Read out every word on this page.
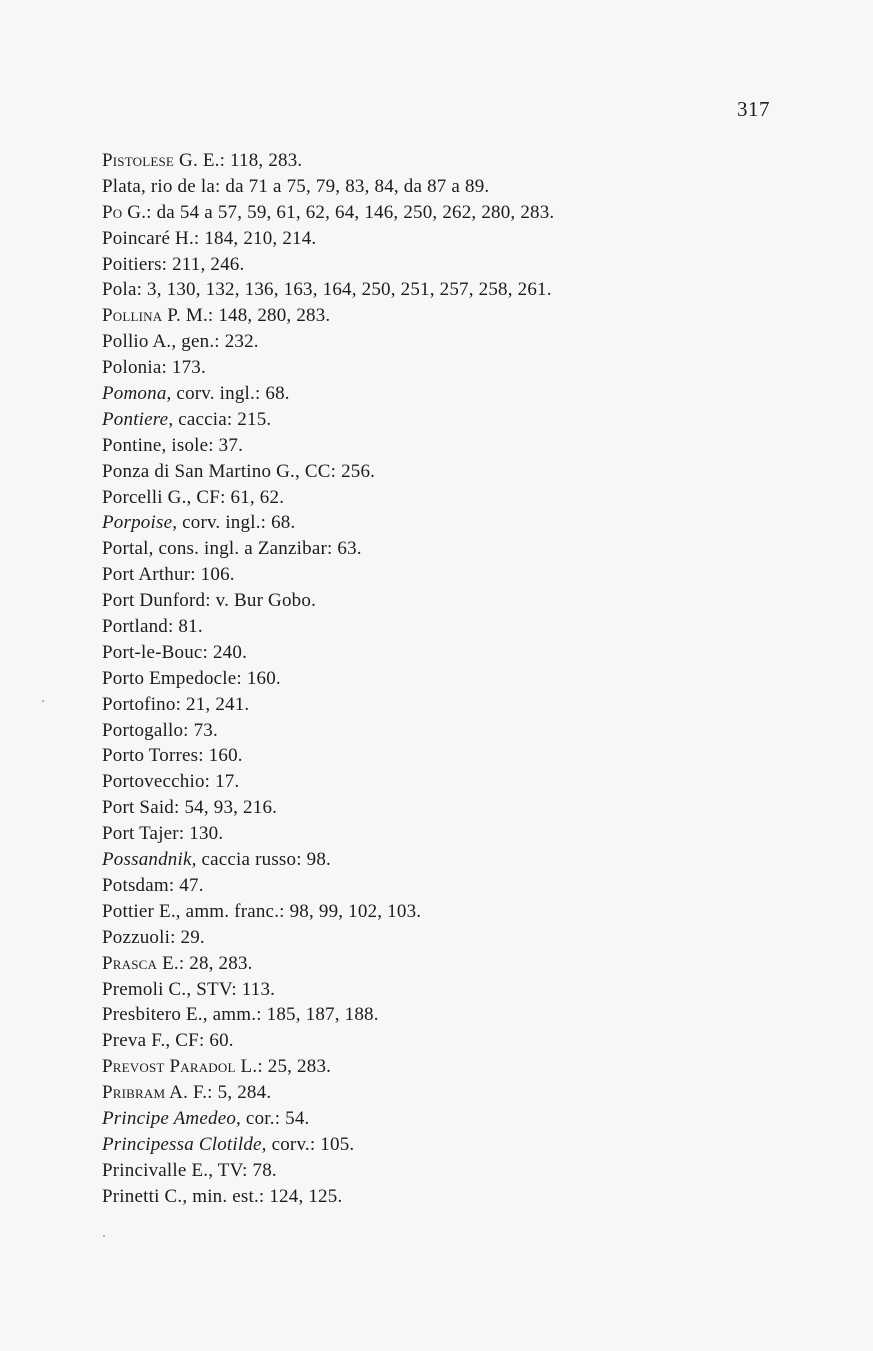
317
Pistolese G. E.: 118, 283.
Plata, rio de la: da 71 a 75, 79, 83, 84, da 87 a 89.
Po G.: da 54 a 57, 59, 61, 62, 64, 146, 250, 262, 280, 283.
Poincaré H.: 184, 210, 214.
Poitiers: 211, 246.
Pola: 3, 130, 132, 136, 163, 164, 250, 251, 257, 258, 261.
Pollina P. M.: 148, 280, 283.
Pollio A., gen.: 232.
Polonia: 173.
Pomona, corv. ingl.: 68.
Pontiere, caccia: 215.
Pontine, isole: 37.
Ponza di San Martino G., CC: 256.
Porcelli G., CF: 61, 62.
Porpoise, corv. ingl.: 68.
Portal, cons. ingl. a Zanzibar: 63.
Port Arthur: 106.
Port Dunford: v. Bur Gobo.
Portland: 81.
Port-le-Bouc: 240.
Porto Empedocle: 160.
Portofino: 21, 241.
Portogallo: 73.
Porto Torres: 160.
Portovecchio: 17.
Port Said: 54, 93, 216.
Port Tajer: 130.
Possandnik, caccia russo: 98.
Potsdam: 47.
Pottier E., amm. franc.: 98, 99, 102, 103.
Pozzuoli: 29.
Prasca E.: 28, 283.
Premoli C., STV: 113.
Presbitero E., amm.: 185, 187, 188.
Preva F., CF: 60.
Prevost Paradol L.: 25, 283.
Pribram A. F.: 5, 284.
Principe Amedeo, cor.: 54.
Principessa Clotilde, corv.: 105.
Princivalle E., TV: 78.
Prinetti C., min. est.: 124, 125.
